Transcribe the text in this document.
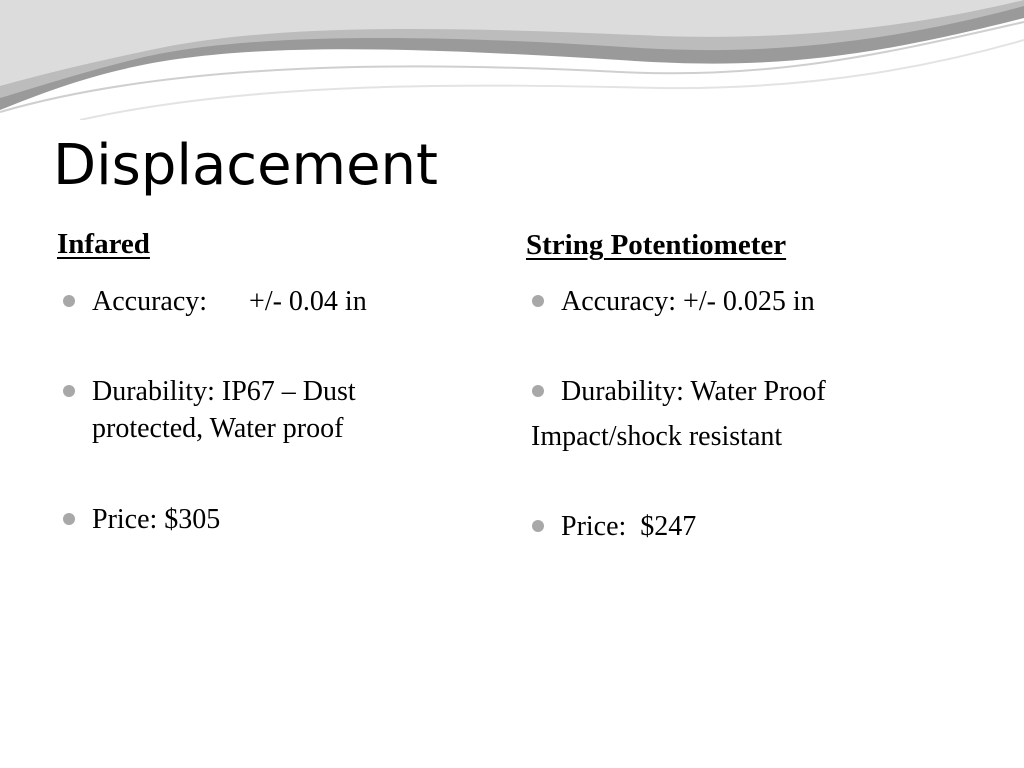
Displacement
Infared
Accuracy:      +/- 0.04 in
Durability: IP67 – Dust
protected, Water proof
Price: $305
String Potentiometer
Accuracy: +/- 0.025 in
Durability: Water Proof
Impact/shock resistant
Price:  $247
